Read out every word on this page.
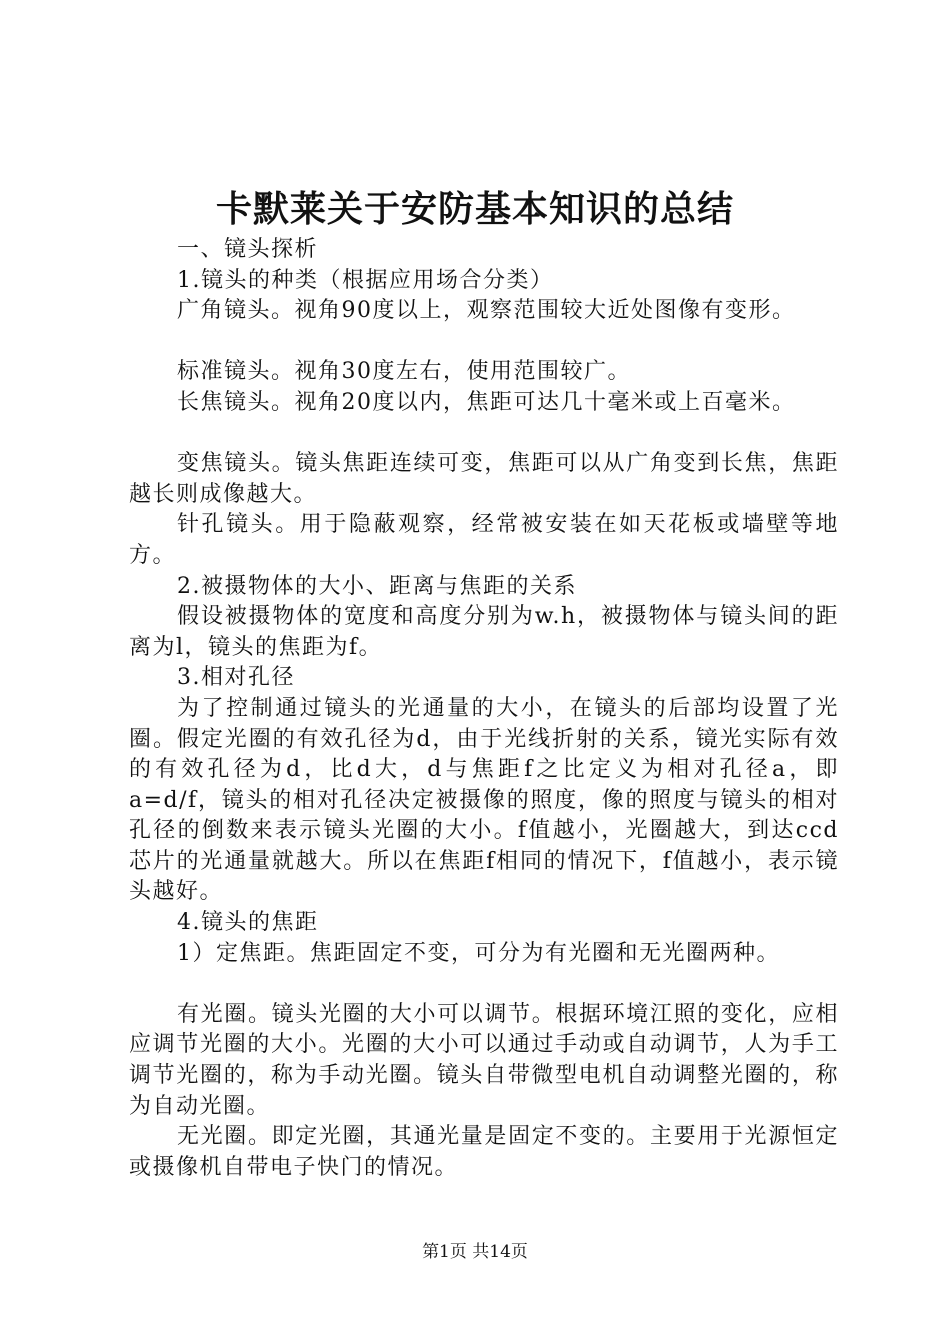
卡默莱关于安防基本知识的总结

一、镜头探析

1.镜头的种类（根据应用场合分类）

广角镜头。视角90度以上，观察范围较大近处图像有变形。

标准镜头。视角30度左右，使用范围较广。

长焦镜头。视角20度以内，焦距可达几十毫米或上百毫米。

变焦镜头。镜头焦距连续可变，焦距可以从广角变到长焦，焦距越长则成像越大。

针孔镜头。用于隐蔽观察，经常被安装在如天花板或墙壁等地方。

2.被摄物体的大小、距离与焦距的关系

假设被摄物体的宽度和高度分别为w.h，被摄物体与镜头间的距离为l，镜头的焦距为f。

3.相对孔径

为了控制通过镜头的光通量的大小，在镜头的后部均设置了光圈。假定光圈的有效孔径为d，由于光线折射的关系，镜光实际有效的有效孔径为d，比d大，d与焦距f之比定义为相对孔径a，即a=d/f，镜头的相对孔径决定被摄像的照度，像的照度与镜头的相对孔径的倒数来表示镜头光圈的大小。f值越小，光圈越大，到达ccd芯片的光通量就越大。所以在焦距f相同的情况下，f值越小，表示镜头越好。

4.镜头的焦距

1）定焦距。焦距固定不变，可分为有光圈和无光圈两种。

有光圈。镜头光圈的大小可以调节。根据环境江照的变化，应相应调节光圈的大小。光圈的大小可以通过手动或自动调节，人为手工调节光圈的，称为手动光圈。镜头自带微型电机自动调整光圈的，称为自动光圈。

无光圈。即定光圈，其通光量是固定不变的。主要用于光源恒定或摄像机自带电子快门的情况。

第1页 共14页
